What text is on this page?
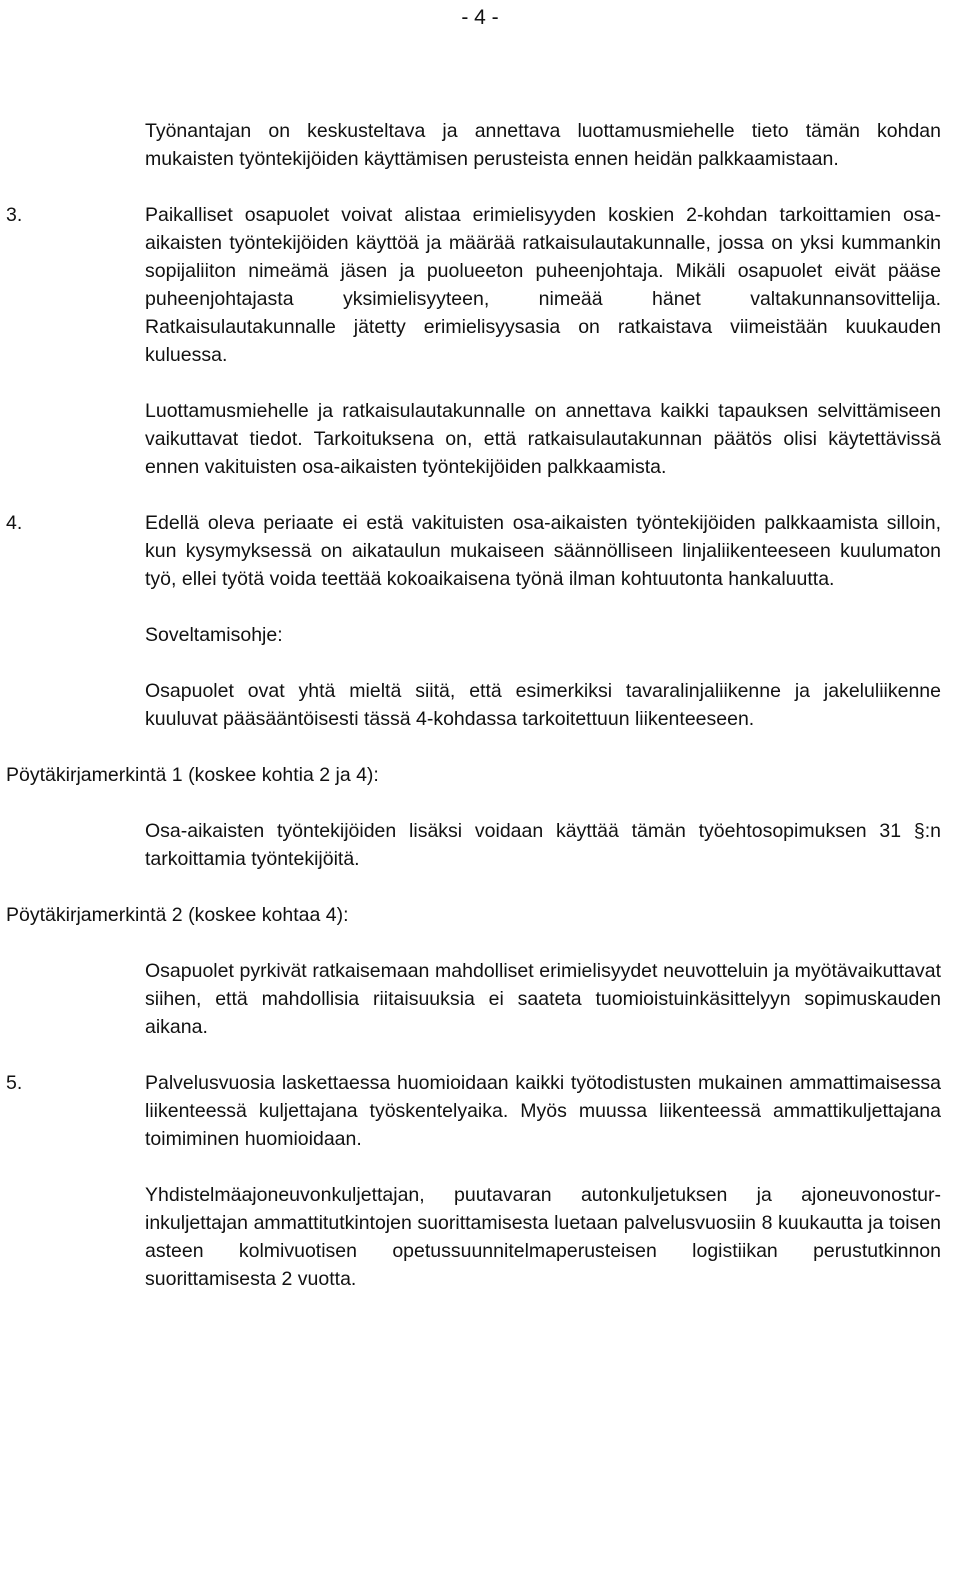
- 4 -

Työnantajan on keskusteltava ja annettava luottamusmiehelle tieto tämän kohdan mukaisten työntekijöiden käyttämisen perusteista ennen heidän palkkaamistaan.

3.	Paikalliset osapuolet voivat alistaa erimielisyyden koskien 2-kohdan tarkoittamien osa-aikaisten työntekijöiden käyttöä ja määrää ratkaisulautakunnalle, jossa on yksi kummankin sopijaliiton nimeämä jäsen ja puolueeton puheenjohtaja. Mikäli osapuolet eivät pääse puheenjohtajasta yksimielisyyteen, nimeää hänet valtakunnansovittelija. Ratkaisulautakunnalle jätetty erimielisyysasia on ratkaistava viimeistään kuukauden kuluessa.

Luottamusmiehelle ja ratkaisulautakunnalle on annettava kaikki tapauksen selvittämiseen vaikuttavat tiedot. Tarkoituksena on, että ratkaisulautakunnan päätös olisi käytettävissä ennen vakituisten osa-aikaisten työntekijöiden palkkaamista.

4.	Edellä oleva periaate ei estä vakituisten osa-aikaisten työntekijöiden palkkaamista silloin, kun kysymyksessä on aikataulun mukaiseen säännölliseen linjaliikenteeseen kuulumaton työ, ellei työtä voida teettää kokoaikaisena työnä ilman kohtuutonta hankaluutta.

Soveltamisohje:

Osapuolet ovat yhtä mieltä siitä, että esimerkiksi tavaralinjaliikenne ja jakeluliikenne kuuluvat pääsääntöisesti tässä 4-kohdassa tarkoitettuun liikenteeseen.

Pöytäkirjamerkintä 1 (koskee kohtia 2 ja 4):
Osa-aikaisten työntekijöiden lisäksi voidaan käyttää tämän työehtosopimuksen 31 §:n tarkoittamia työntekijöitä.
Pöytäkirjamerkintä 2 (koskee kohtaa 4):
Osapuolet pyrkivät ratkaisemaan mahdolliset erimielisyydet neuvotteluin ja myötävaikuttavat siihen, että mahdollisia riitaisuuksia ei saateta tuomioistuinkäsittelyyn sopimuskauden aikana.
5.	Palvelusvuosia laskettaessa huomioidaan kaikki työtodistusten mukainen ammattimaisessa liikenteessä kuljettajana työskentelyaika. Myös muussa liikenteessä ammattikuljettajana toimiminen huomioidaan.

Yhdistelmäajoneuvonkuljettajan, puutavaran autonkuljetuksen ja ajoneuvonosturinkuljettajan ammattitutkintojen suorittamisesta luetaan palvelusvuosiin 8 kuukautta ja toisen asteen kolmivuotisen opetussuunnitelmaperusteisen logistiikan perustutkinnon suorittamisesta 2 vuotta.
